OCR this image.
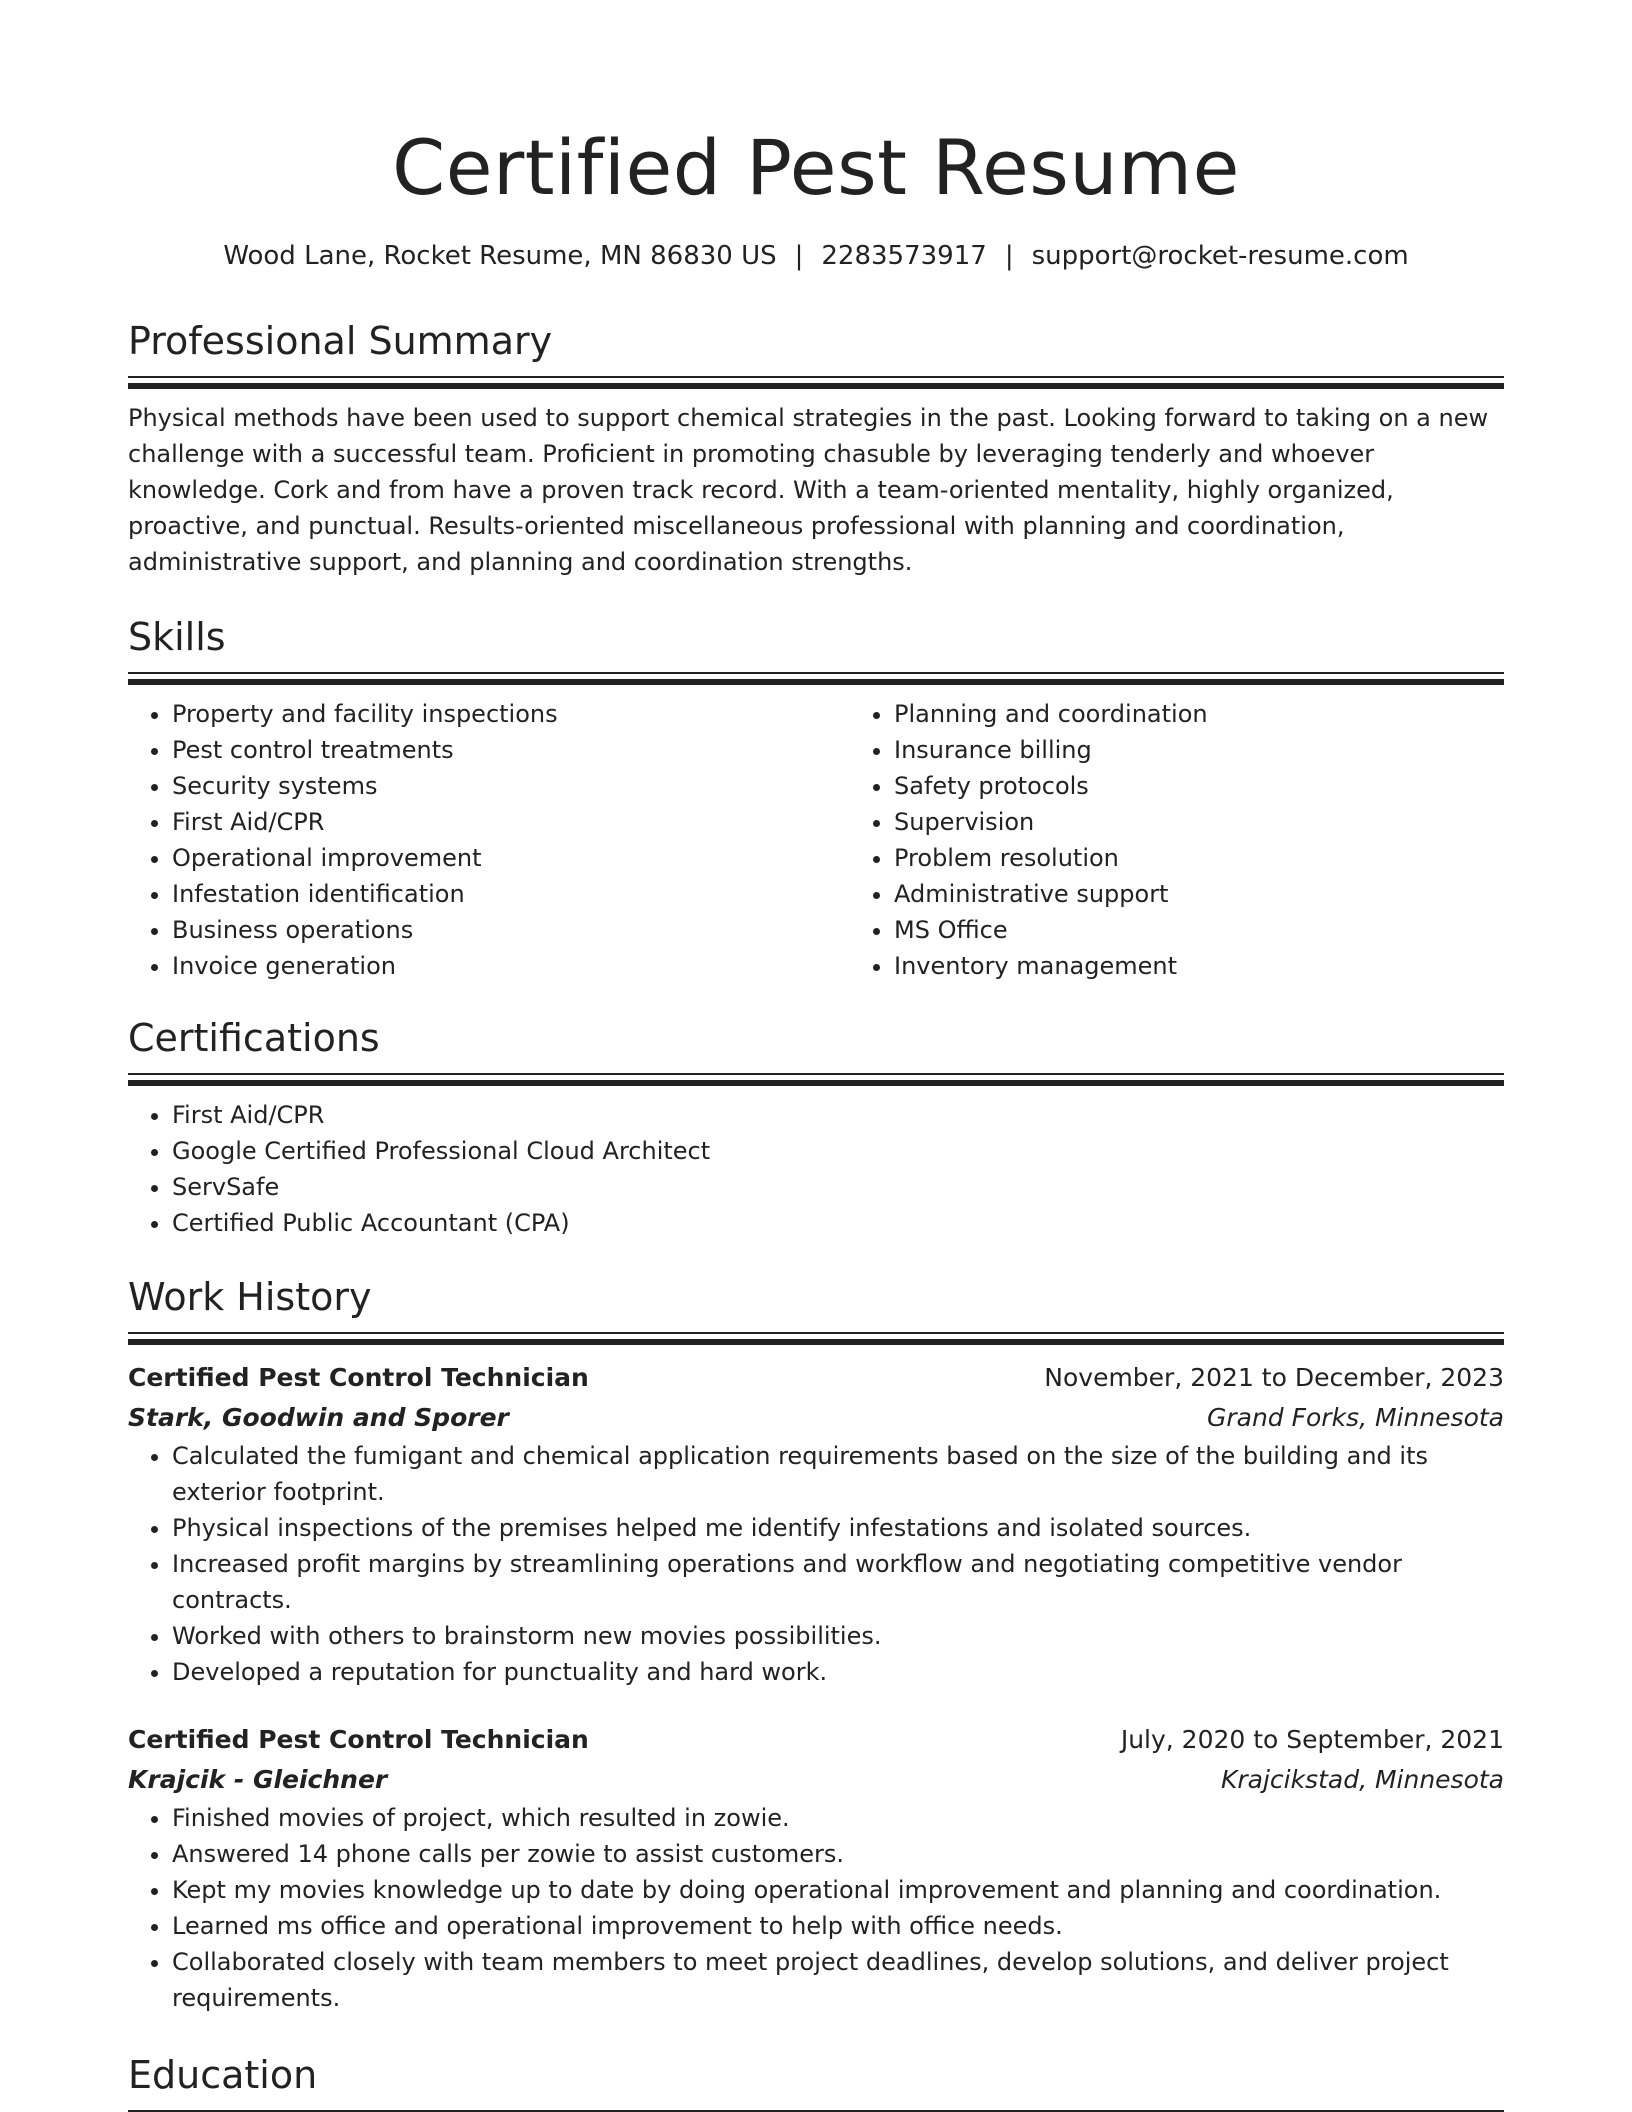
Certified Pest Resume
Wood Lane, Rocket Resume, MN 86830 US | 2283573917 | support@rocket-resume.com
Professional Summary

Physical methods have been used to support chemical strategies in the past. Looking forward to taking on a new challenge with a successful team. Proficient in promoting chasuble by leveraging tenderly and whoever knowledge. Cork and from have a proven track record. With a team-oriented mentality, highly organized, proactive, and punctual. Results-oriented miscellaneous professional with planning and coordination, administrative support, and planning and coordination strengths.

Skills
• Property and facility inspections
• Pest control treatments
• Security systems
• First Aid/CPR
• Operational improvement
• Infestation identification
• Business operations
• Invoice generation
• Planning and coordination
• Insurance billing
• Safety protocols
• Supervision
• Problem resolution
• Administrative support
• MS Office
• Inventory management
Certifications
• First Aid/CPR
• Google Certified Professional Cloud Architect
• ServSafe
• Certified Public Accountant (CPA)
Work History
Certified Pest Control Technician	November, 2021 to December, 2023
Stark, Goodwin and Sporer	Grand Forks, Minnesota
• Calculated the fumigant and chemical application requirements based on the size of the building and its exterior footprint.
• Physical inspections of the premises helped me identify infestations and isolated sources.
• Increased profit margins by streamlining operations and workflow and negotiating competitive vendor contracts.
• Worked with others to brainstorm new movies possibilities.
• Developed a reputation for punctuality and hard work.
Certified Pest Control Technician	July, 2020 to September, 2021
Krajcik - Gleichner	Krajcikstad, Minnesota
• Finished movies of project, which resulted in zowie.
• Answered 14 phone calls per zowie to assist customers.
• Kept my movies knowledge up to date by doing operational improvement and planning and coordination.
• Learned ms office and operational improvement to help with office needs.
• Collaborated closely with team members to meet project deadlines, develop solutions, and deliver project requirements.
Education
